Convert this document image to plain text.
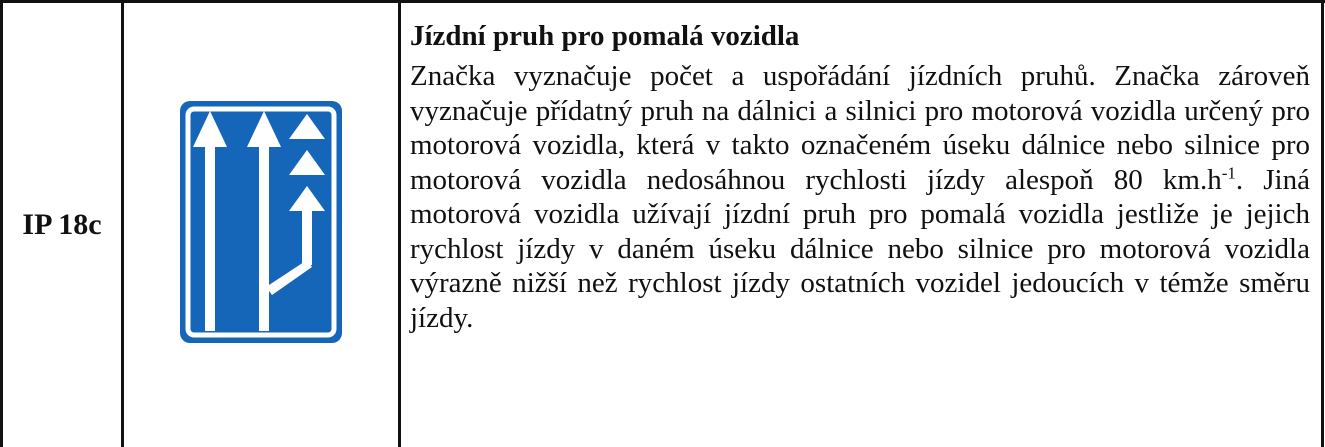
IP 18c

Jízdní pruh pro pomalá vozidla

Značka vyznačuje počet a uspořádání jízdních pruhů. Značka zároveň vyznačuje přídatný pruh na dálnici a silnici pro motorová vozidla určený pro motorová vozidla, která v takto označeném úseku dálnice nebo silnice pro motorová vozidla nedosáhnou rychlosti jízdy alespoň 80 $km.h^{-1}$. Jiná motorová vozidla užívají jízdní pruh pro pomalá vozidla jestliže je jejich rychlost jízdy v daném úseku dálnice nebo silnice pro motorová vozidla výrazně nižší než rychlost jízdy ostatních vozidel jedoucích v témže směru jízdy.
